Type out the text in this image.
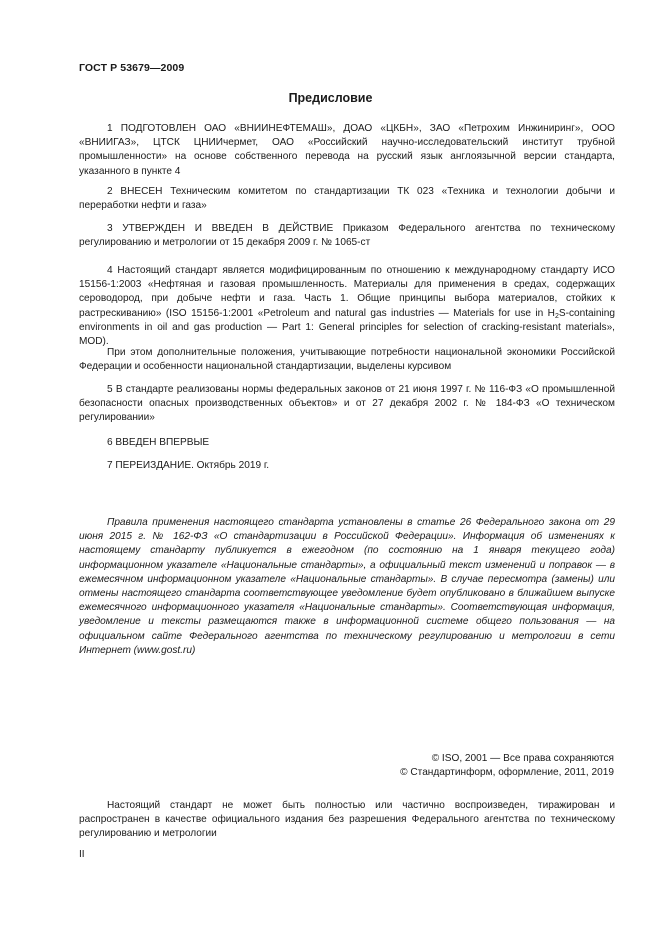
ГОСТ Р 53679—2009
Предисловие
1 ПОДГОТОВЛЕН ОАО «ВНИИНЕФТЕМАШ», ДОАО «ЦКБН», ЗАО «Петрохим Инжиниринг», ООО «ВНИИГАЗ», ЦТСК ЦНИИчермет, ОАО «Российский научно-исследовательский институт трубной промышленности» на основе собственного перевода на русский язык англоязычной версии стандарта, указанного в пункте 4
2 ВНЕСЕН Техническим комитетом по стандартизации ТК 023 «Техника и технологии добычи и переработки нефти и газа»
3 УТВЕРЖДЕН И ВВЕДЕН В ДЕЙСТВИЕ Приказом Федерального агентства по техническому регулированию и метрологии от 15 декабря 2009 г. № 1065-ст
4 Настоящий стандарт является модифицированным по отношению к международному стандарту ИСО 15156-1:2003 «Нефтяная и газовая промышленность. Материалы для применения в средах, содержащих сероводород, при добыче нефти и газа. Часть 1. Общие принципы выбора материалов, стойких к растрескиванию» (ISO 15156-1:2001 «Petroleum and natural gas industries — Materials for use in $H_2S$-containing environments in oil and gas production — Part 1: General principles for selection of cracking-resistant materials», MOD).
При этом дополнительные положения, учитывающие потребности национальной экономики Российской Федерации и особенности национальной стандартизации, выделены курсивом
5 В стандарте реализованы нормы федеральных законов от 21 июня 1997 г. № 116-ФЗ «О промышленной безопасности опасных производственных объектов» и от 27 декабря 2002 г. № 184-ФЗ «О техническом регулировании»
6 ВВЕДЕН ВПЕРВЫЕ
7 ПЕРЕИЗДАНИЕ. Октябрь 2019 г.
Правила применения настоящего стандарта установлены в статье 26 Федерального закона от 29 июня 2015 г. № 162-ФЗ «О стандартизации в Российской Федерации». Информация об изменениях к настоящему стандарту публикуется в ежегодном (по состоянию на 1 января текущего года) информационном указателе «Национальные стандарты», а официальный текст изменений и поправок — в ежемесячном информационном указателе «Национальные стандарты». В случае пересмотра (замены) или отмены настоящего стандарта соответствующее уведомление будет опубликовано в ближайшем выпуске ежемесячного информационного указателя «Национальные стандарты». Соответствующая информация, уведомление и тексты размещаются также в информационной системе общего пользования — на официальном сайте Федерального агентства по техническому регулированию и метрологии в сети Интернет (www.gost.ru)
© ISO, 2001 — Все права сохраняются
© Стандартинформ, оформление, 2011, 2019
Настоящий стандарт не может быть полностью или частично воспроизведен, тиражирован и распространен в качестве официального издания без разрешения Федерального агентства по техническому регулированию и метрологии
II
